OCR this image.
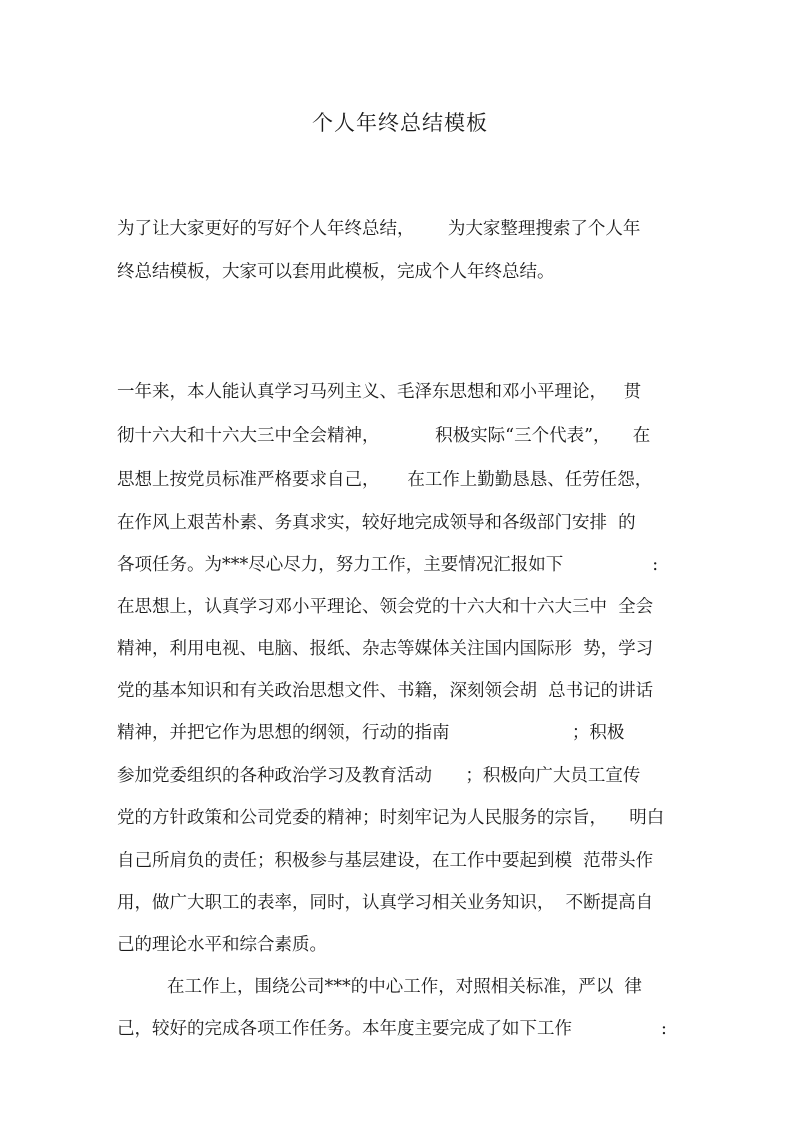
个人年终总结模板
为了让大家更好的写好个人年终总结，      为大家整理搜索了个人年
终总结模板，大家可以套用此模板，完成个人年终总结。
一年来，本人能认真学习马列主义、毛泽东思想和邓小平理论，   贯
彻十六大和十六大三中全会精神，          积极实际“三个代表”，    在
思想上按党员标准严格要求自己，     在工作上勤勤恳恳、任劳任怨，
在作风上艰苦朴素、务真求实，较好地完成领导和各级部门安排  的
各项任务。为***尽心尽力，努力工作，主要情况汇报如下                :
在思想上，认真学习邓小平理论、领会党的十六大和十六大三中  全会
精神，利用电视、电脑、报纸、杂志等媒体关注国内国际形  势，学习
党的基本知识和有关政治思想文件、书籍，深刻领会胡  总书记的讲话
精神，并把它作为思想的纲领，行动的指南                      ；积极
参加党委组织的各种政治学习及教育活动      ；积极向广大员工宣传
党的方针政策和公司党委的精神；时刻牢记为人民服务的宗旨，    明白
自己所肩负的责任；积极参与基层建设，在工作中要起到模  范带头作
用，做广大职工的表率，同时，认真学习相关业务知识，  不断提高自
己的理论水平和综合素质。
在工作上，围绕公司***的中心工作，对照相关标准，严以  律
己，较好的完成各项工作任务。本年度主要完成了如下工作                :
